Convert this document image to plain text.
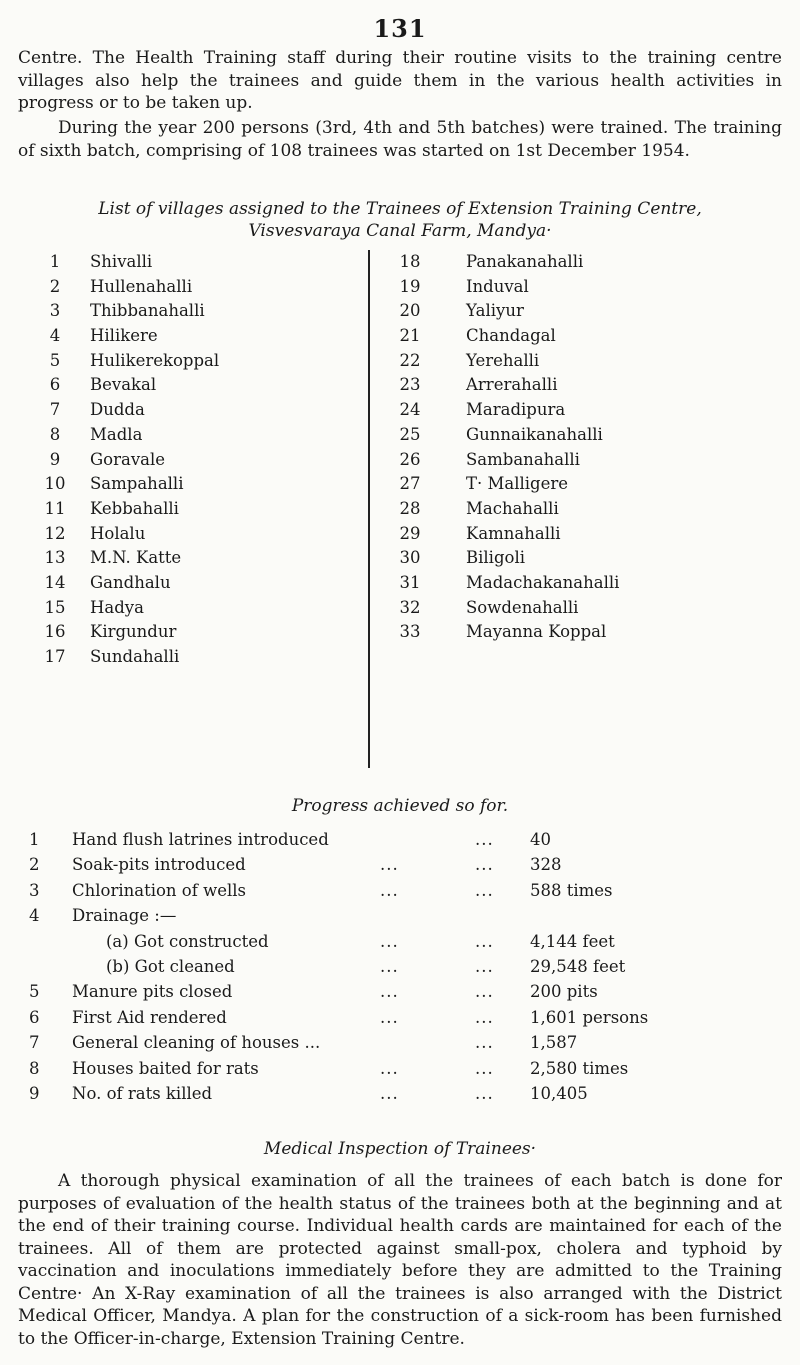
131

Centre. The Health Training staff during their routine visits to the training centre villages also help the trainees and guide them in the various health activities in progress or to be taken up.

During the year 200 persons (3rd, 4th and 5th batches) were trained. The training of sixth batch, comprising of 108 trainees was started on 1st December 1954.

List of villages assigned to the Trainees of Extension Training Centre,
Visvesvaraya Canal Farm, Mandya·
1 Shivalli
2 Hullenahalli
3 Thibbanahalli
4 Hilikere
5 Hulikerekoppal
6 Bevakal
7 Dudda
8 Madla
9 Goravale
10 Sampahalli
11 Kebbahalli
12 Holalu
13 M.N. Katte
14 Gandhalu
15 Hadya
16 Kirgundur
17 Sundahalli
18	Panakanahalli
19	Induval
20	Yaliyur
21	Chandagal
22	Yerehalli
23	Arrerahalli
24	Maradipura
25	Gunnaikanahalli
26	Sambanahalli
27	T· Malligere
28	Machahalli
29	Kamnahalli
30	Biligoli
31	Madachakanahalli
32	Sowdenahalli
33	Mayanna Koppal
Progress achieved so for.
1 Hand flush latrines introduced	... 40
2 Soak-pits introduced	...	... 328
3 Chlorination of wells	...	... 588 times
4 Drainage :—
(a) Got constructed	...	... 4,144 feet
(b) Got cleaned	...	... 29,548 feet
5 Manure pits closed	...	... 200 pits
6 First Aid rendered	...	... 1,601 persons
7 General cleaning of houses ...	... 1,587
8 Houses baited for rats	...	... 2,580 times
9 No. of rats killed	...	... 10,405
Medical Inspection of Trainees·

A thorough physical examination of all the trainees of each batch is done for purposes of evaluation of the health status of the trainees both at the beginning and at the end of their training course. Individual health cards are maintained for each of the trainees. All of them are protected against small-pox, cholera and typhoid by vaccination and inoculations immediately before they are admitted to the Training Centre· An X-Ray examination of all the trainees is also arranged with the District Medical Officer, Mandya. A plan for the construction of a sick-room has been furnished to the Officer-in-charge, Extension Training Centre.
